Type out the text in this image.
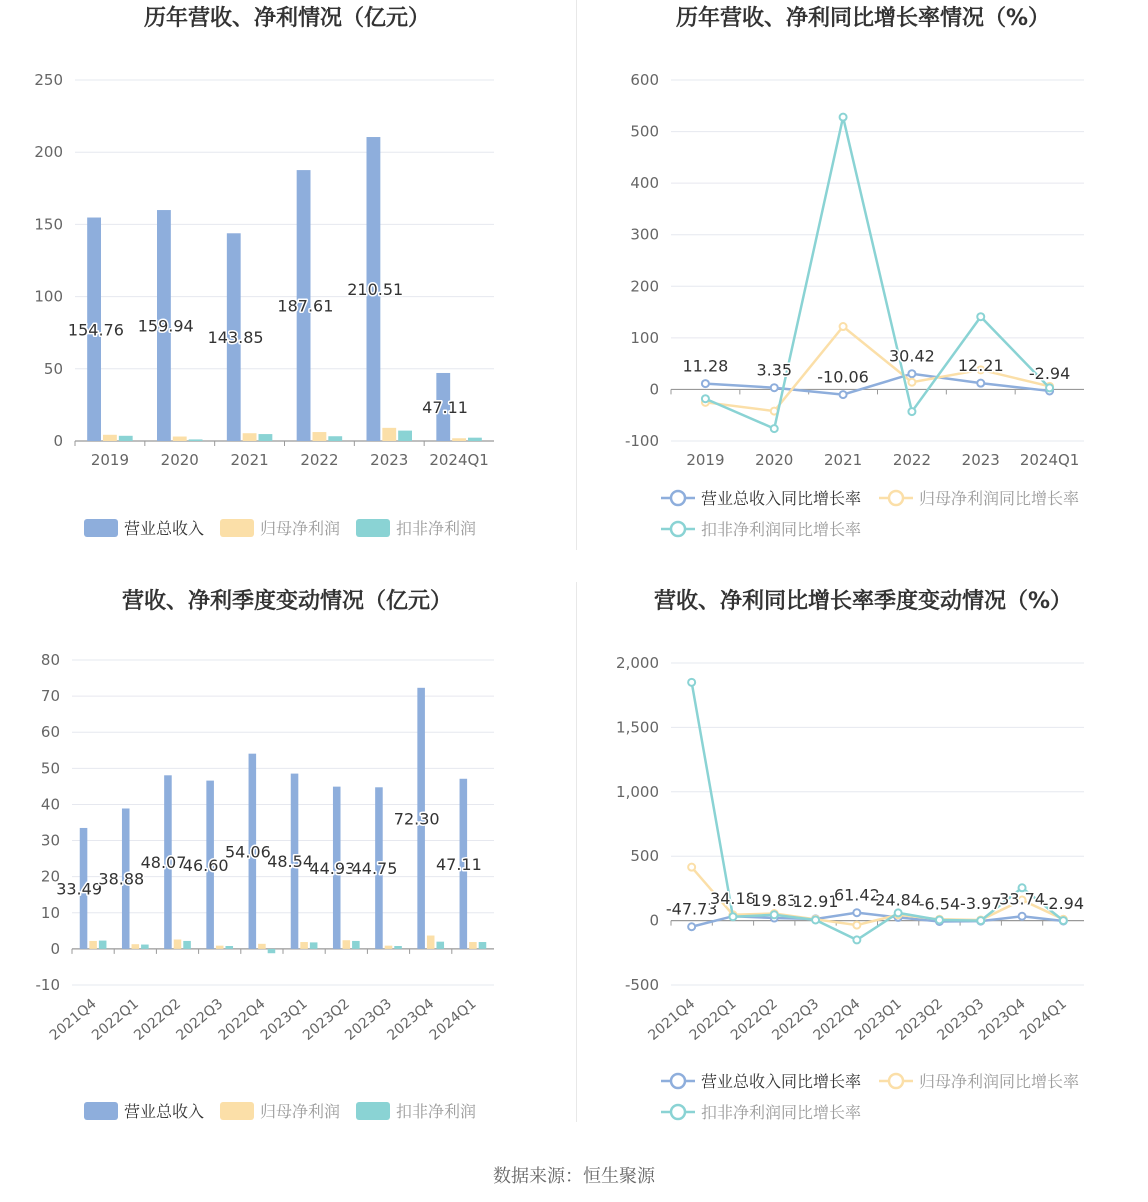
历年营收、净利情况（亿元）
0
50
100
150
200
250
2019 2020 2021 2022 2023 2024Q1
154.76 159.94
143.85
187.61
210.51
47.11
营业总收入	归母净利润	扣非净利润
历年营收、净利同比增长率情况（%）
-100
0
100
200
300
400
500
600
2019 2020 2021 2022 2023 2024Q1
11.28 3.35 -10.06
30.42 12.21 -2.94
营业总收入同比增长率	归母净利润同比增长率
扣非净利润同比增长率
营收、净利季度变动情况（亿元）
-10
0
10
20
30
40
50
60
70
80
2021Q4
2022Q1
2022Q2
2022Q3
2022Q4
2023Q1
2023Q2
2023Q3
2023Q4
2024Q1
33.49
38.88
48.07
46.60
54.06
48.54
44.93
44.75
72.30
47.11
营业总收入	归母净利润	扣非净利润
营收、净利同比增长率季度变动情况（%）
-500
0
500
1,000
1,500
2,000
2021Q4
2022Q1
2022Q2
2022Q3
2022Q4
2023Q1
2023Q2
2023Q3
2023Q4
2024Q1
-47.73
34.18
19.83
12.91
61.42
24.84
-6.54 -3.97
33.74
-2.94
营业总收入同比增长率	归母净利润同比增长率
扣非净利润同比增长率
数据来源：恒生聚源
